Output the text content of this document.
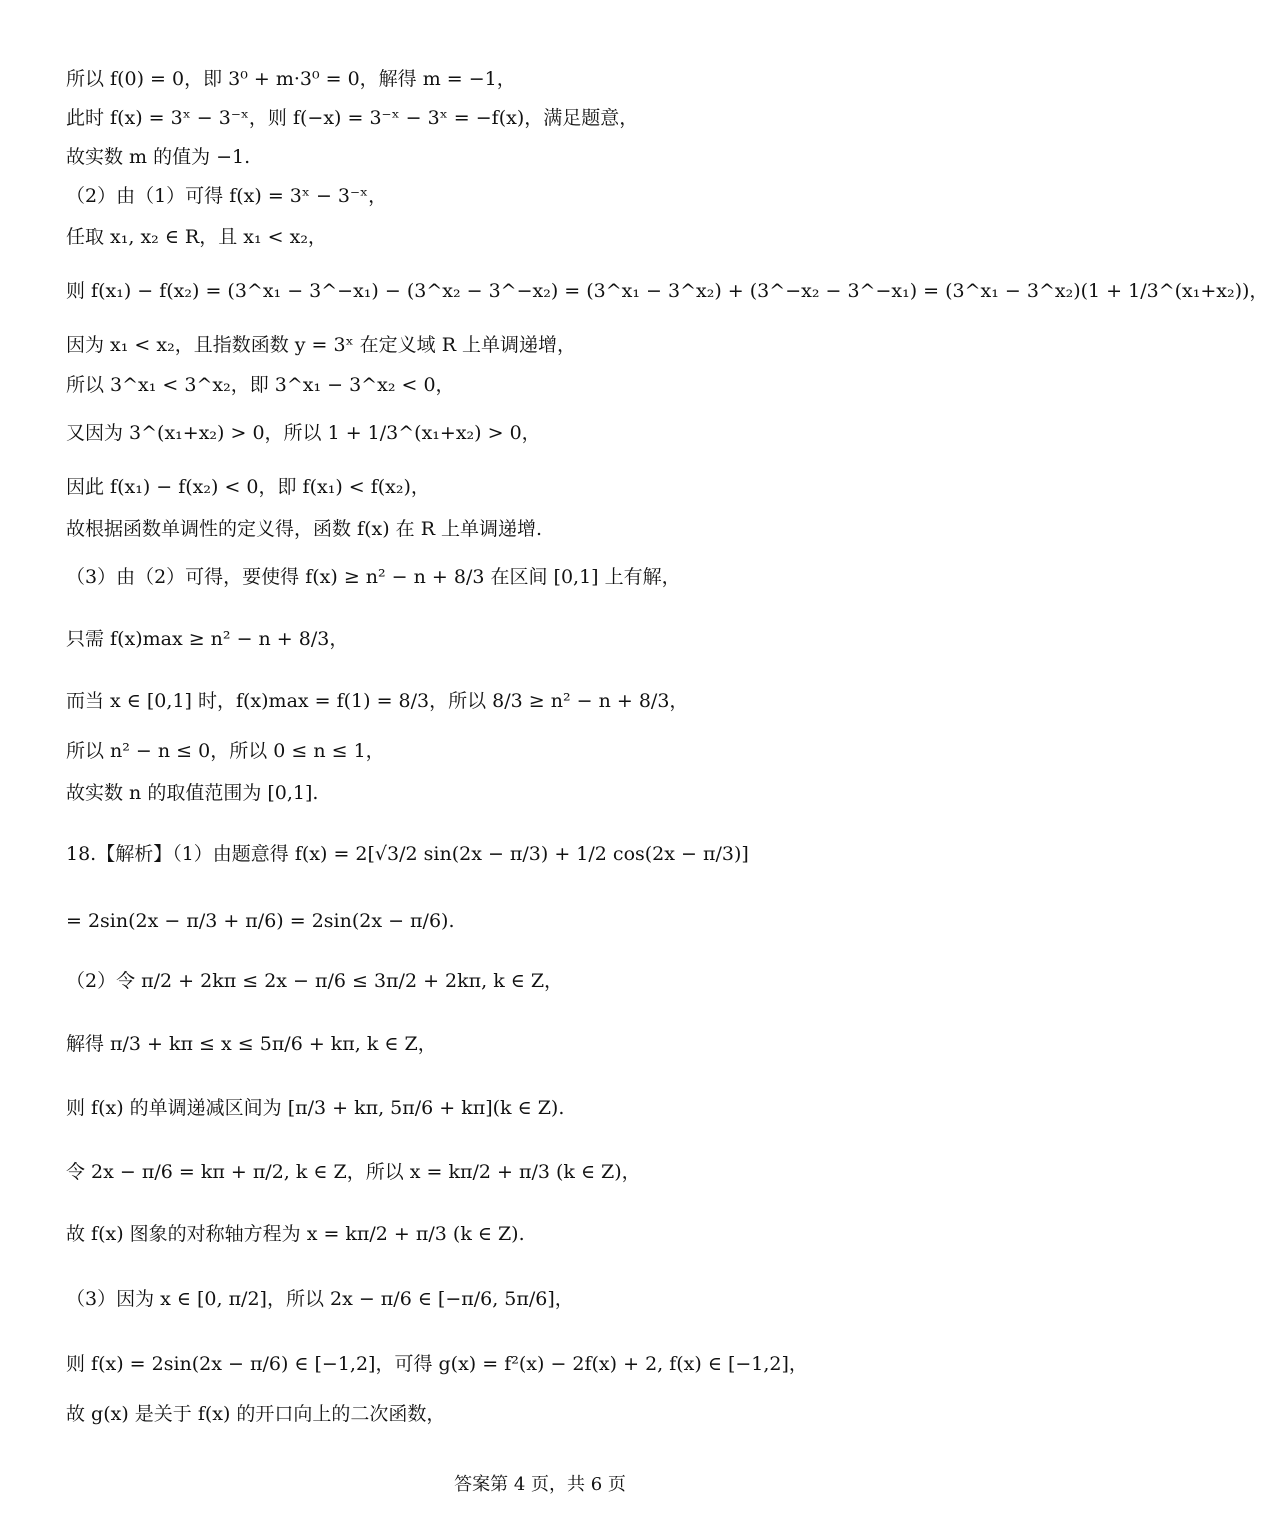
所以 f(0) = 0，即 3⁰ + m·3⁰ = 0，解得 m = −1，
此时 f(x) = 3ˣ − 3⁻ˣ，则 f(−x) = 3⁻ˣ − 3ˣ = −f(x)，满足题意，
故实数 m 的值为 −1.
（2）由（1）可得 f(x) = 3ˣ − 3⁻ˣ，
任取 x₁, x₂ ∈ R，且 x₁ < x₂，
则 f(x₁) − f(x₂) = (3^x₁ − 3^−x₁) − (3^x₂ − 3^−x₂) = (3^x₁ − 3^x₂) + (3^−x₂ − 3^−x₁) = (3^x₁ − 3^x₂)(1 + 1/3^(x₁+x₂))，
因为 x₁ < x₂，且指数函数 y = 3ˣ 在定义域 R 上单调递增，
所以 3^x₁ < 3^x₂，即 3^x₁ − 3^x₂ < 0，
又因为 3^(x₁+x₂) > 0，所以 1 + 1/3^(x₁+x₂) > 0，
因此 f(x₁) − f(x₂) < 0，即 f(x₁) < f(x₂)，
故根据函数单调性的定义得，函数 f(x) 在 R 上单调递增.
（3）由（2）可得，要使得 f(x) ≥ n² − n + 8/3 在区间 [0,1] 上有解，
只需 f(x)max ≥ n² − n + 8/3，
而当 x ∈ [0,1] 时，f(x)max = f(1) = 8/3，所以 8/3 ≥ n² − n + 8/3，
所以 n² − n ≤ 0，所以 0 ≤ n ≤ 1，
故实数 n 的取值范围为 [0,1].
18.【解析】（1）由题意得 f(x) = 2[√3/2 sin(2x − π/3) + 1/2 cos(2x − π/3)]
= 2sin(2x − π/3 + π/6) = 2sin(2x − π/6).
（2）令 π/2 + 2kπ ≤ 2x − π/6 ≤ 3π/2 + 2kπ, k ∈ Z，
解得 π/3 + kπ ≤ x ≤ 5π/6 + kπ, k ∈ Z，
则 f(x) 的单调递减区间为 [π/3 + kπ, 5π/6 + kπ](k ∈ Z).
令 2x − π/6 = kπ + π/2, k ∈ Z，所以 x = kπ/2 + π/3 (k ∈ Z)，
故 f(x) 图象的对称轴方程为 x = kπ/2 + π/3 (k ∈ Z).
（3）因为 x ∈ [0, π/2]，所以 2x − π/6 ∈ [−π/6, 5π/6]，
则 f(x) = 2sin(2x − π/6) ∈ [−1,2]，可得 g(x) = f²(x) − 2f(x) + 2, f(x) ∈ [−1,2]，
故 g(x) 是关于 f(x) 的开口向上的二次函数，
答案第 4 页，共 6 页
